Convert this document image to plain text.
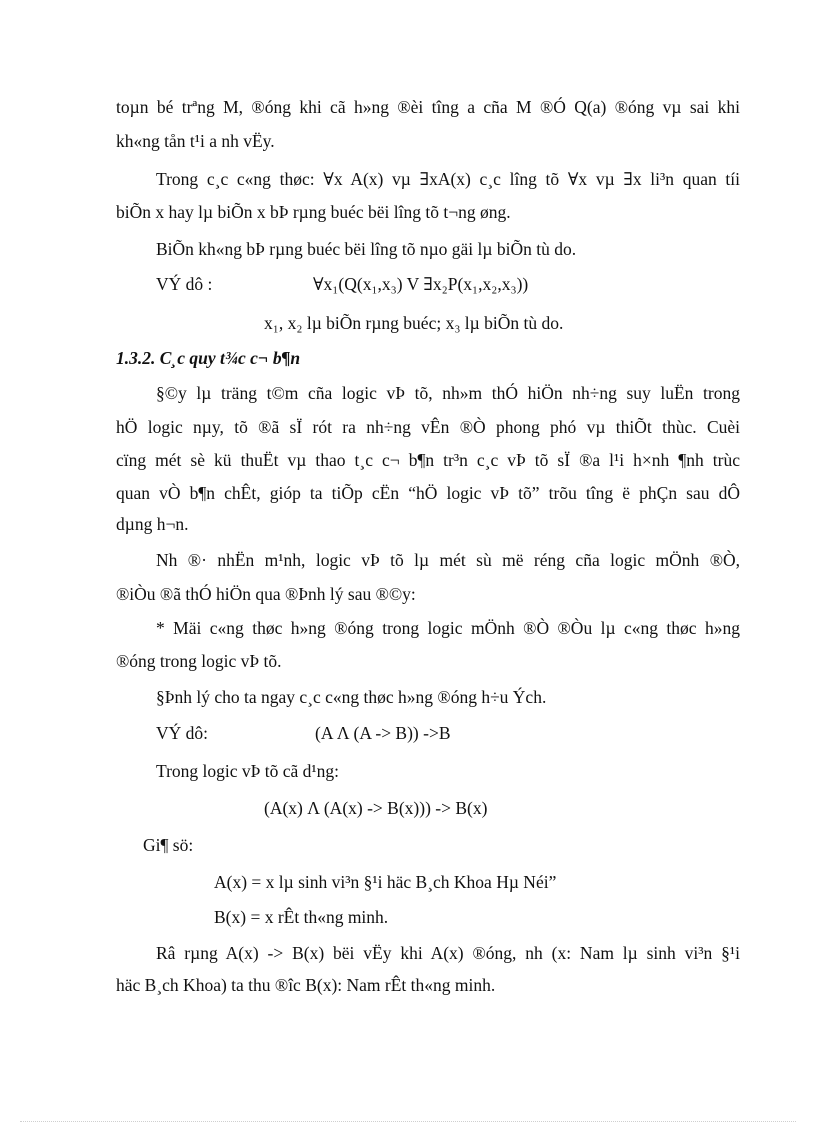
toµn bé trªng M, ®óng khi cã h»ng ®èi tîng a cña M ®Ó Q(a) ®óng vµ sai khi
kh«ng tån t¹i a nh vËy.
Trong c¸c c«ng thøc: ∀x A(x) vµ ∃xA(x) c¸c lîng tõ ∀x vµ ∃x li³n quan tíi
biÕn x hay lµ biÕn x bÞ rµng buéc bëi lîng tõ t¬ng øng.
BiÕn kh«ng bÞ rµng buéc bëi lîng tõ nµo gäi lµ biÕn tù do.
VÝ dô :	∀x₁(Q(x₁,x₃) V ∃x₂P(x₁,x₂,x₃))
x₁, x₂ lµ biÕn rµng buéc; x₃ lµ biÕn tù do.
1.3.2. C¸c quy t¾c c¬ b¶n
§©y lµ träng t©m cña logic vÞ tõ, nh»m thÓ hiÖn nh÷ng suy luËn trong
hÖ logic nµy, tõ ®ã sÏ rót ra nh÷ng vÊn ®Ò phong phó vµ thiÕt thùc. Cuèi
cïng mét sè kü thuËt vµ thao t¸c c¬ b¶n tr³n c¸c vÞ tõ sÏ ®a l¹i h×nh ¶nh trùc
quan vÒ b¶n chÊt, gióp ta tiÕp cËn “hÖ logic vÞ tõ” trõu tîng ë phÇn sau dÔ
dµng h¬n.
Nh ®· nhËn m¹nh, logic vÞ tõ lµ mét sù më réng cña logic mÖnh ®Ò,
®iÒu ®ã thÓ hiÖn qua ®Þnh lý sau ®©y:
* Mäi c«ng thøc h»ng ®óng trong logic mÖnh ®Ò ®Òu lµ c«ng thøc h»ng
®óng trong logic vÞ tõ.
§Þnh lý cho ta ngay c¸c c«ng thøc h»ng ®óng h÷u Ých.
VÝ dô:	(A Λ (A -> B)) ->B
Trong logic vÞ tõ cã d¹ng:
(A(x) Λ (A(x) -> B(x))) -> B(x)
Gi¶ sö:
A(x) = x lµ sinh vi³n §¹i häc B¸ch Khoa Hµ Néi”
B(x) = x rÊt th«ng minh.
Râ rµng A(x) -> B(x) bëi vËy khi A(x) ®óng, nh (x: Nam lµ sinh vi³n §¹i
häc B¸ch Khoa) ta thu ®îc B(x): Nam rÊt th«ng minh.
